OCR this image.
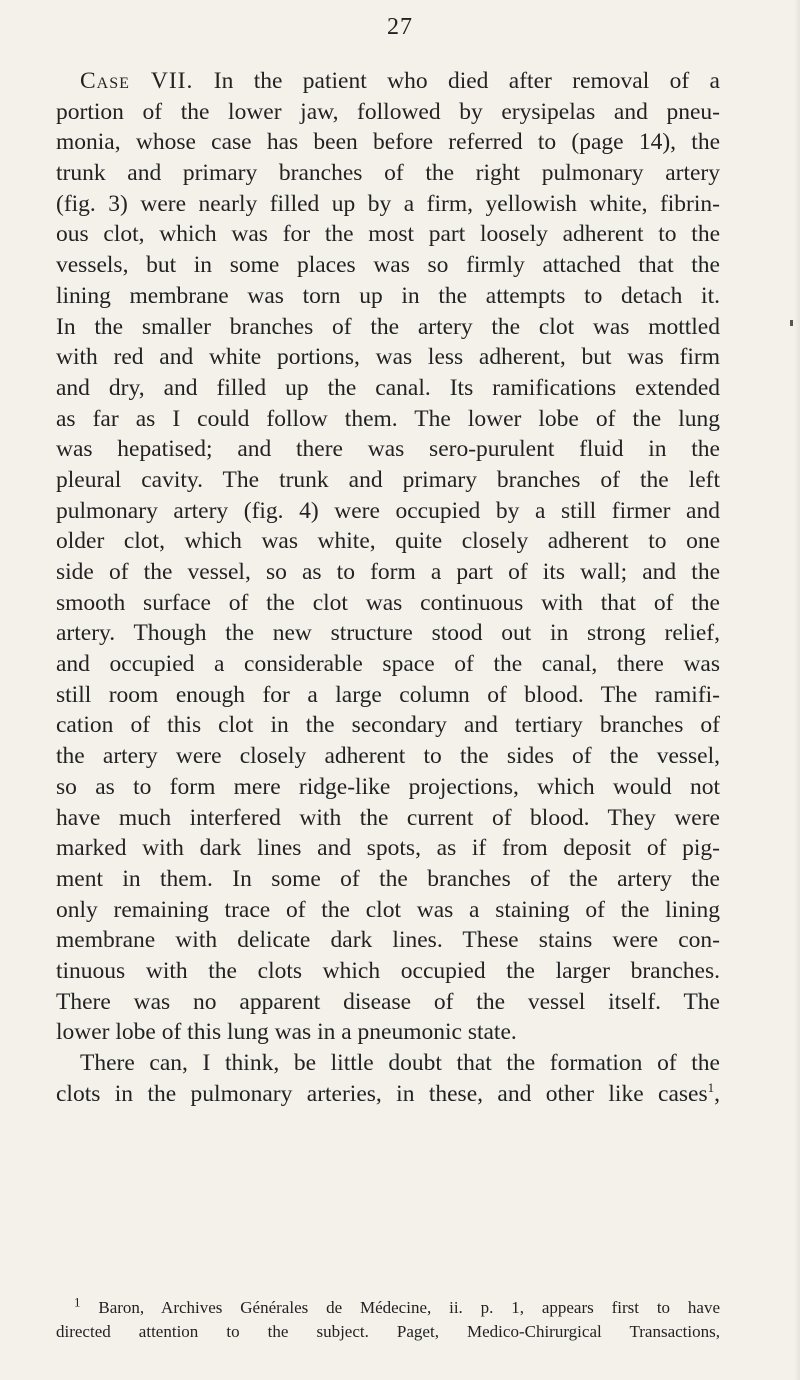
27
Case VII. In the patient who died after removal of a
portion of the lower jaw, followed by erysipelas and pneu-
monia, whose case has been before referred to (page 14), the
trunk and primary branches of the right pulmonary artery
(fig. 3) were nearly filled up by a firm, yellowish white, fibrin-
ous clot, which was for the most part loosely adherent to the
vessels, but in some places was so firmly attached that the
lining membrane was torn up in the attempts to detach it.
In the smaller branches of the artery the clot was mottled
with red and white portions, was less adherent, but was firm
and dry, and filled up the canal. Its ramifications extended
as far as I could follow them. The lower lobe of the lung
was hepatised; and there was sero-purulent fluid in the
pleural cavity. The trunk and primary branches of the left
pulmonary artery (fig. 4) were occupied by a still firmer and
older clot, which was white, quite closely adherent to one
side of the vessel, so as to form a part of its wall; and the
smooth surface of the clot was continuous with that of the
artery. Though the new structure stood out in strong relief,
and occupied a considerable space of the canal, there was
still room enough for a large column of blood. The ramifi-
cation of this clot in the secondary and tertiary branches of
the artery were closely adherent to the sides of the vessel,
so as to form mere ridge-like projections, which would not
have much interfered with the current of blood. They were
marked with dark lines and spots, as if from deposit of pig-
ment in them. In some of the branches of the artery the
only remaining trace of the clot was a staining of the lining
membrane with delicate dark lines. These stains were con-
tinuous with the clots which occupied the larger branches.
There was no apparent disease of the vessel itself. The
lower lobe of this lung was in a pneumonic state.
There can, I think, be little doubt that the formation of the
clots in the pulmonary arteries, in these, and other like cases$^1$,
$^1$ Baron, Archives Générales de Médecine, ii. p. 1, appears first to have
directed attention to the subject. Paget, Medico-Chirurgical Transactions,
